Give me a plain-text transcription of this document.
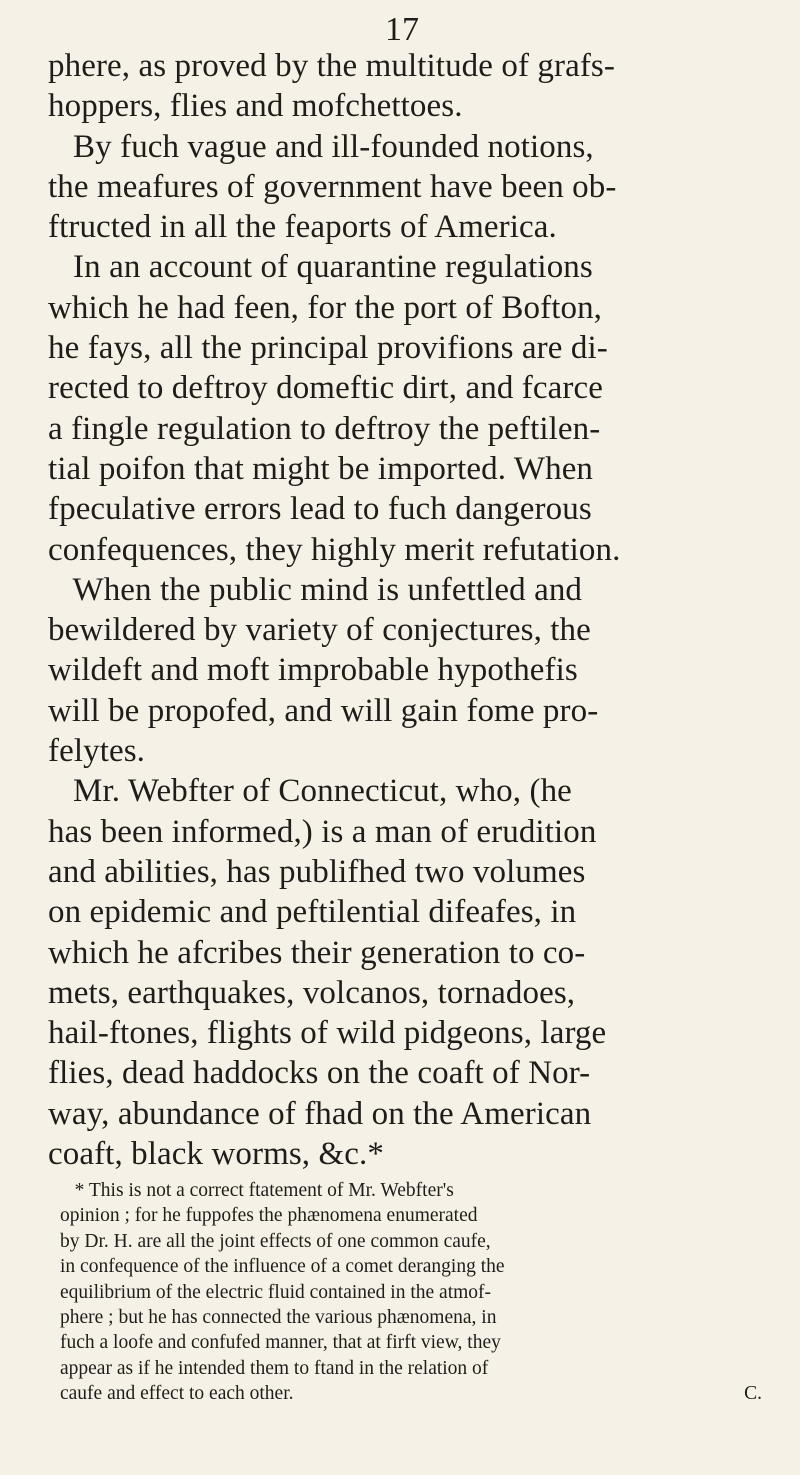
17
phere, as proved by the multitude of grafs-
hoppers, flies and mofchettoes.
By fuch vague and ill-founded notions,
the meafures of government have been ob-
ftructed in all the feaports of America.
In an account of quarantine regulations
which he had feen, for the port of Bofton,
he fays, all the principal provifions are di-
rected to deftroy domeftic dirt, and fcarce
a fingle regulation to deftroy the peftilen-
tial poifon that might be imported. When
fpeculative errors lead to fuch dangerous
confequences, they highly merit refutation.
When the public mind is unfettled and
bewildered by variety of conjectures, the
wildeft and moft improbable hypothefis
will be propofed, and will gain fome pro-
felytes.
Mr. Webfter of Connecticut, who, (he
has been informed,) is a man of erudition
and abilities, has publifhed two volumes
on epidemic and peftilential difeafes, in
which he afcribes their generation to co-
mets, earthquakes, volcanos, tornadoes,
hail-ftones, flights of wild pidgeons, large
flies, dead haddocks on the coaft of Nor-
way, abundance of fhad on the American
coaft, black worms, &c.*
* This is not a correct ftatement of Mr. Webfter's
opinion ; for he fuppofes the phænomena enumerated
by Dr. H. are all the joint effects of one common caufe,
in confequence of the influence of a comet deranging the
equilibrium of the electric fluid contained in the atmof-
phere ; but he has connected the various phænomena, in
fuch a loofe and confufed manner, that at firft view, they
appear as if he intended them to ftand in the relation of
caufe and effect to each other.	C.
